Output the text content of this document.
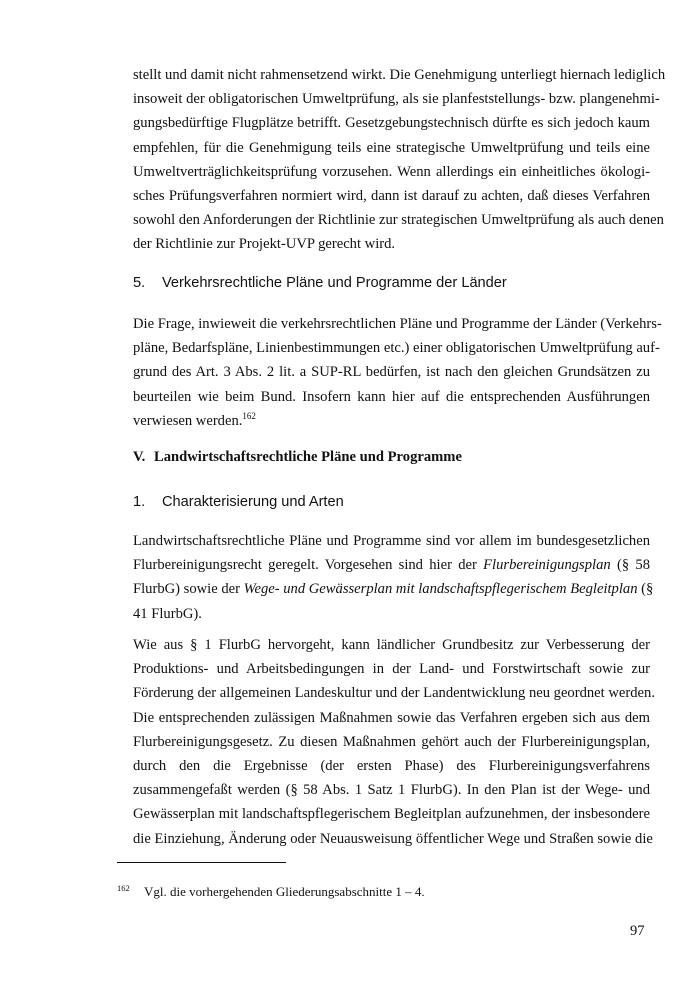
stellt und damit nicht rahmensetzend wirkt. Die Genehmigung unterliegt hiernach lediglich
insoweit der obligatorischen Umweltprüfung, als sie planfeststellungs- bzw. plangenehmi-
gungsbedürftige Flugplätze betrifft. Gesetzgebungstechnisch dürfte es sich jedoch kaum
empfehlen, für die Genehmigung teils eine strategische Umweltprüfung und teils eine
Umweltverträglichkeitsprüfung vorzusehen. Wenn allerdings ein einheitliches ökologi-
sches Prüfungsverfahren normiert wird, dann ist darauf zu achten, daß dieses Verfahren
sowohl den Anforderungen der Richtlinie zur strategischen Umweltprüfung als auch denen
der Richtlinie zur Projekt-UVP gerecht wird.
5. Verkehrsrechtliche Pläne und Programme der Länder
Die Frage, inwieweit die verkehrsrechtlichen Pläne und Programme der Länder (Verkehrs-
pläne, Bedarfspläne, Linienbestimmungen etc.) einer obligatorischen Umweltprüfung auf-
grund des Art. 3 Abs. 2 lit. a SUP-RL bedürfen, ist nach den gleichen Grundsätzen zu
beurteilen wie beim Bund. Insofern kann hier auf die entsprechenden Ausführungen
verwiesen werden.$^{162}$
V. Landwirtschaftsrechtliche Pläne und Programme
1. Charakterisierung und Arten
Landwirtschaftsrechtliche Pläne und Programme sind vor allem im bundesgesetzlichen
Flurbereinigungsrecht geregelt. Vorgesehen sind hier der Flurbereinigungsplan (§ 58
FlurbG) sowie der Wege- und Gewässerplan mit landschaftspflegerischem Begleitplan (§
41 FlurbG).
Wie aus § 1 FlurbG hervorgeht, kann ländlicher Grundbesitz zur Verbesserung der
Produktions- und Arbeitsbedingungen in der Land- und Forstwirtschaft sowie zur
Förderung der allgemeinen Landeskultur und der Landentwicklung neu geordnet werden.
Die entsprechenden zulässigen Maßnahmen sowie das Verfahren ergeben sich aus dem
Flurbereinigungsgesetz. Zu diesen Maßnahmen gehört auch der Flurbereinigungsplan,
durch den die Ergebnisse (der ersten Phase) des Flurbereinigungsverfahrens
zusammengefaßt werden (§ 58 Abs. 1 Satz 1 FlurbG). In den Plan ist der Wege- und
Gewässerplan mit landschaftspflegerischem Begleitplan aufzunehmen, der insbesondere
die Einziehung, Änderung oder Neuausweisung öffentlicher Wege und Straßen sowie die
162 Vgl. die vorhergehenden Gliederungsabschnitte 1 – 4.
97
